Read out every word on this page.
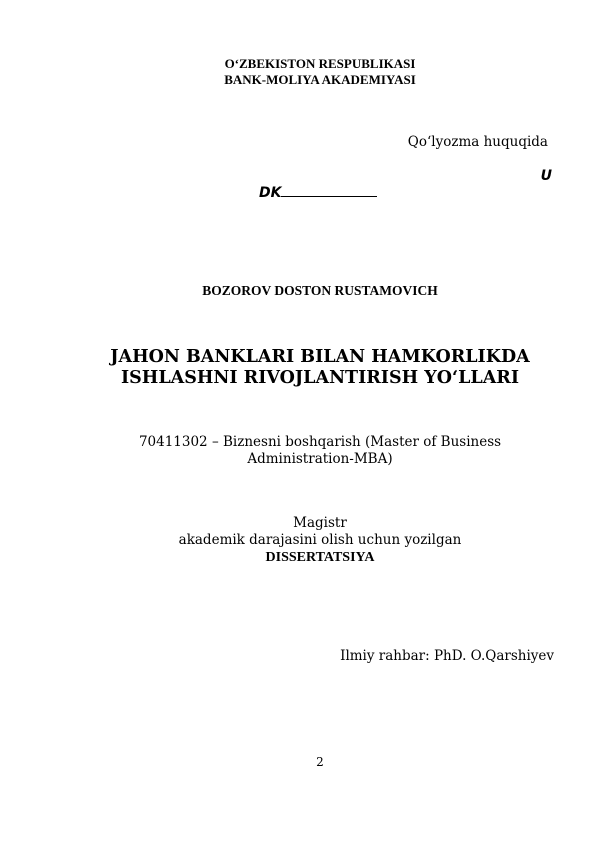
O‘ZBEKISTON RESPUBLIKASI
BANK-MOLIYA AKADEMIYASI
Qo‘lyozma huquqida
U
DK
BOZOROV DOSTON RUSTAMOVICH
JAHON BANKLARI BILAN HAMKORLIKDA
ISHLASHNI RIVOJLANTIRISH YO‘LLARI
70411302 – Biznesni boshqarish (Master of Business
Administration-MBA)
Magistr
akademik darajasini olish uchun yozilgan
DISSERTATSIYA
Ilmiy rahbar: PhD. O.Qarshiyev
2
